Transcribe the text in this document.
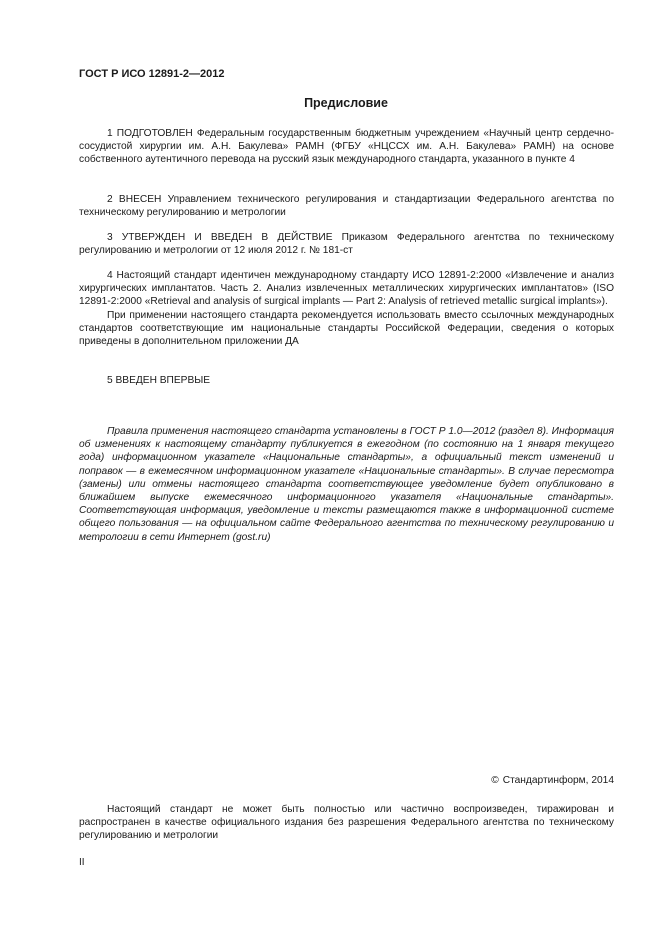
ГОСТ Р ИСО 12891-2—2012
Предисловие

1 ПОДГОТОВЛЕН Федеральным государственным бюджетным учреждением «Научный центр сердечно-сосудистой хирургии им. А.Н. Бакулева» РАМН (ФГБУ «НЦССХ им. А.Н. Бакулева» РАМН) на основе собственного аутентичного перевода на русский язык международного стандарта, указанного в пункте 4

2 ВНЕСЕН Управлением технического регулирования и стандартизации Федерального агентства по техническому регулированию и метрологии

3 УТВЕРЖДЕН И ВВЕДЕН В ДЕЙСТВИЕ Приказом Федерального агентства по техническому регулированию и метрологии от 12 июля 2012 г. № 181-ст

4 Настоящий стандарт идентичен международному стандарту ИСО 12891-2:2000 «Извлечение и анализ хирургических имплантатов. Часть 2. Анализ извлеченных металлических хирургических имплантатов» (ISO 12891-2:2000 «Retrieval and analysis of surgical implants — Part 2: Analysis of retrieved metallic surgical implants»).

При применении настоящего стандарта рекомендуется использовать вместо ссылочных международных стандартов соответствующие им национальные стандарты Российской Федерации, сведения о которых приведены в дополнительном приложении ДА

5 ВВЕДЕН ВПЕРВЫЕ

Правила применения настоящего стандарта установлены в ГОСТ Р 1.0—2012 (раздел 8). Информация об изменениях к настоящему стандарту публикуется в ежегодном (по состоянию на 1 января текущего года) информационном указателе «Национальные стандарты», а официальный текст изменений и поправок — в ежемесячном информационном указателе «Национальные стандарты». В случае пересмотра (замены) или отмены настоящего стандарта соответствующее уведомление будет опубликовано в ближайшем выпуске ежемесячного информационного указателя «Национальные стандарты». Соответствующая информация, уведомление и тексты размещаются также в информационной системе общего пользования — на официальном сайте Федерального агентства по техническому регулированию и метрологии в сети Интернет (gost.ru)

© Стандартинформ, 2014

Настоящий стандарт не может быть полностью или частично воспроизведен, тиражирован и распространен в качестве официального издания без разрешения Федерального агентства по техническому регулированию и метрологии

II
